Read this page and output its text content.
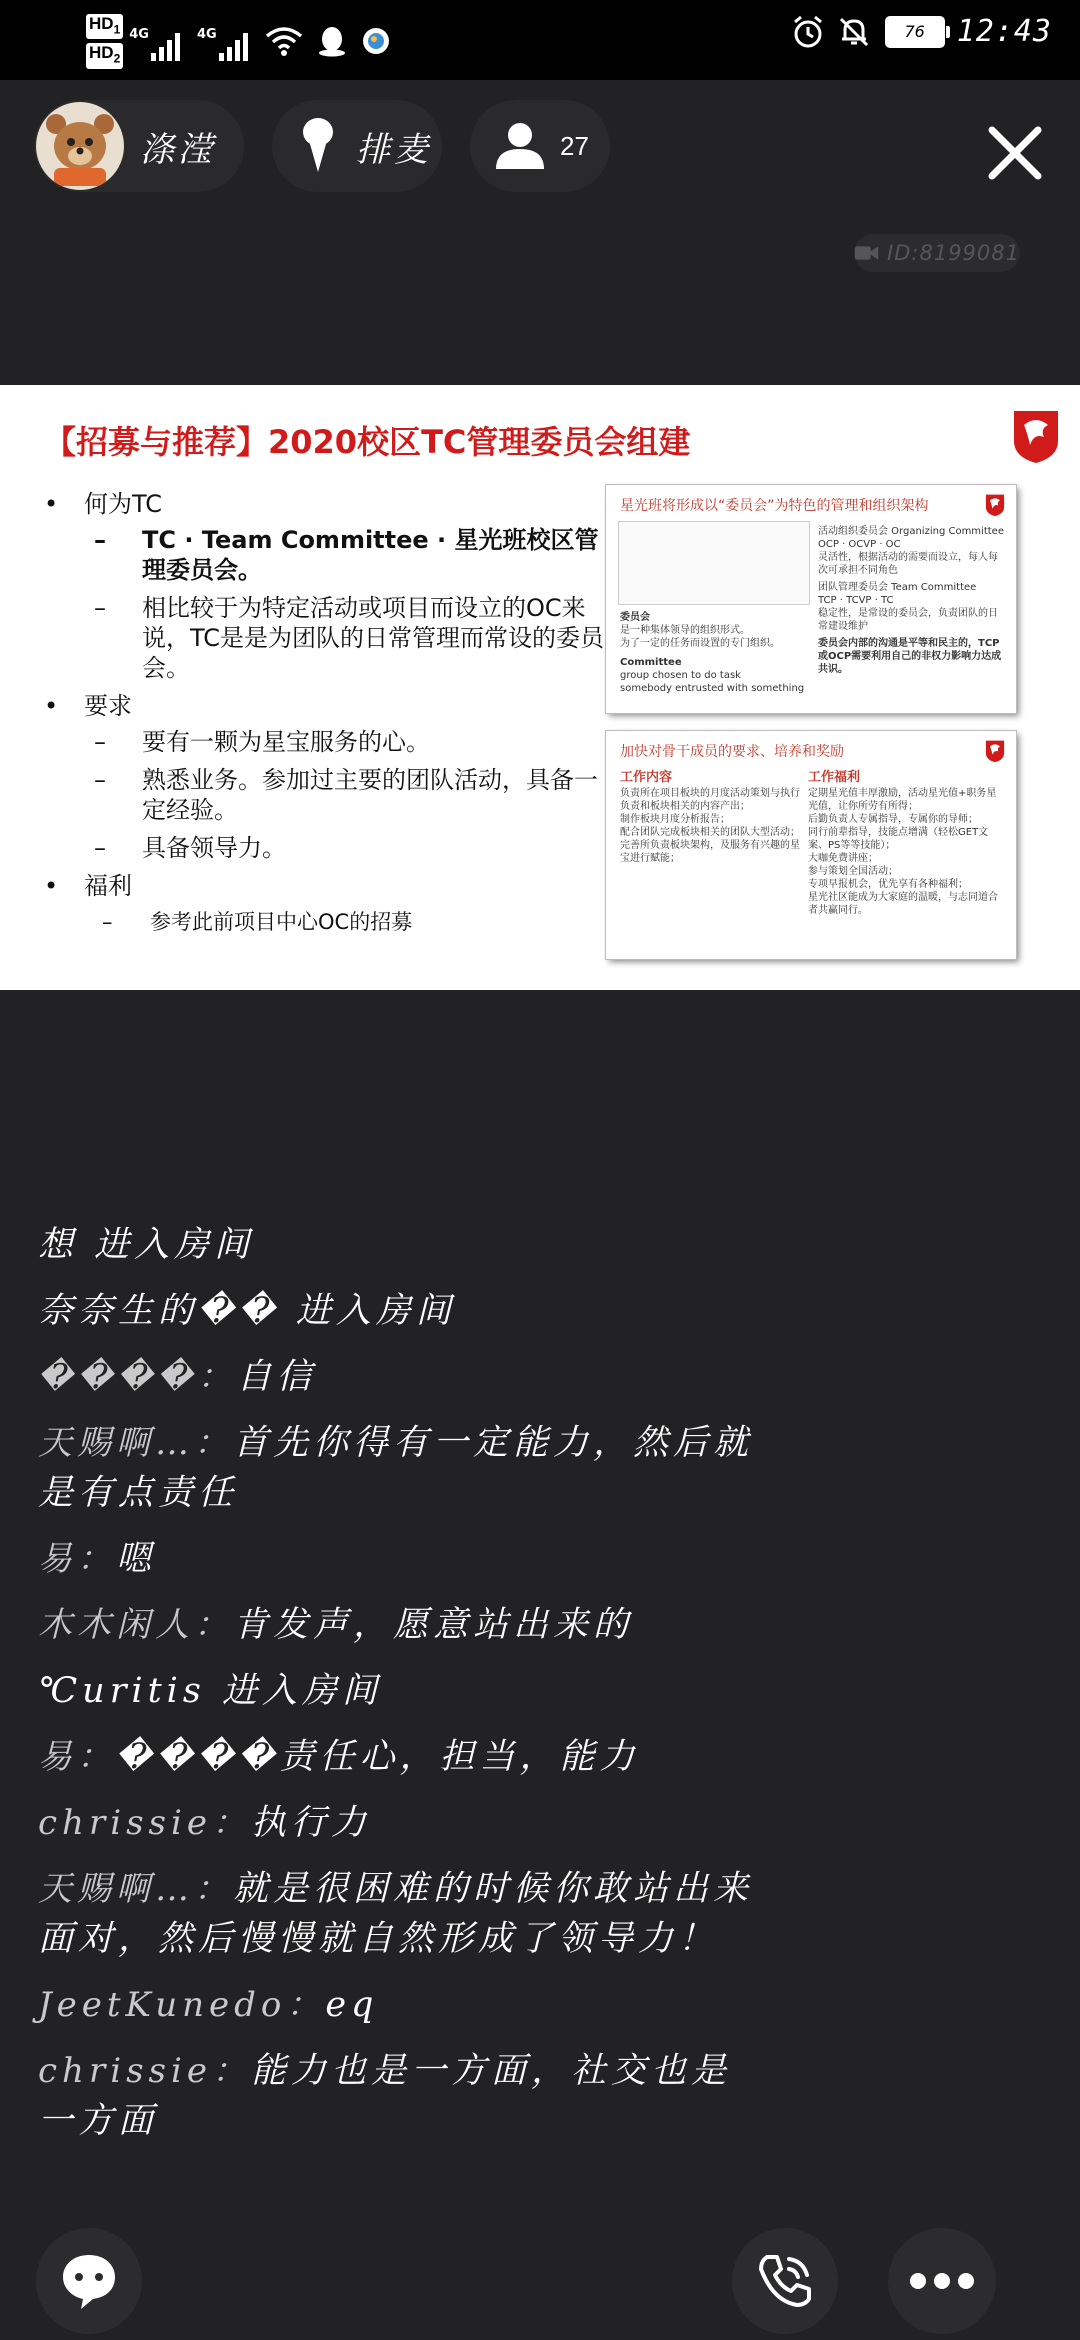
$HD_1$
$HD_2$
4G	4G	76 12:43
涤滢	排麦	27
ID:8199081
【招募与推荐】2020校区TC管理委员会组建
• 何为TC
– TC · Team Committee · 星光班校区管理委员会。
– 相比较于为特定活动或项目而设立的OC来说，TC是是为团队的日常管理而常设的委员会。
• 要求
– 要有一颗为星宝服务的心。
– 熟悉业务。参加过主要的团队活动，具备一定经验。
– 具备领导力。
• 福利
– 参考此前项目中心OC的招募
星光班将形成以“委员会”为特色的管理和组织架构
委员会
是一种集体领导的组织形式。
为了一定的任务而设置的专门组织。
Committee
group chosen to do task
somebody entrusted with something
活动组织委员会 Organizing Committee
OCP · OCVP · OC
灵活性，根据活动的需要而设立，每人每次可承担不同角色
团队管理委员会 Team Committee
TCP · TCVP · TC
稳定性，是常设的委员会，负责团队的日常建设维护
委员会内部的沟通是平等和民主的，TCP或OCP需要利用自己的非权力影响力达成共识。
加快对骨干成员的要求、培养和奖励
工作内容
负责所在项目板块的月度活动策划与执行
负责和板块相关的内容产出；
制作板块月度分析报告；
配合团队完成板块相关的团队大型活动；
完善所负责板块架构，及服务有兴趣的星宝进行赋能；
工作福利
定期星光值丰厚激励，活动星光值+职务星光值，让你所劳有所得；
后勤负责人专属指导，专属你的导师；
同行前辈指导，技能点增满（轻松GET文案、PS等等技能）；
大咖免费讲座；
参与策划全国活动；
专项早报机会，优先享有各种福利；
星光社区能成为大家庭的温暖，与志同道合者共赢同行。
想 进入房间
奈奈生的�� 进入房间
����：自信
天赐啊…：首先你得有一定能力，然后就是有点责任
易：嗯
木木闲人：肯发声，愿意站出来的
℃uritis 进入房间
易：����责任心，担当，能力
chrissie：执行力
天赐啊…：就是很困难的时候你敢站出来面对，然后慢慢就自然形成了领导力！
JeetKunedo：eq
chrissie：能力也是一方面，社交也是一方面
